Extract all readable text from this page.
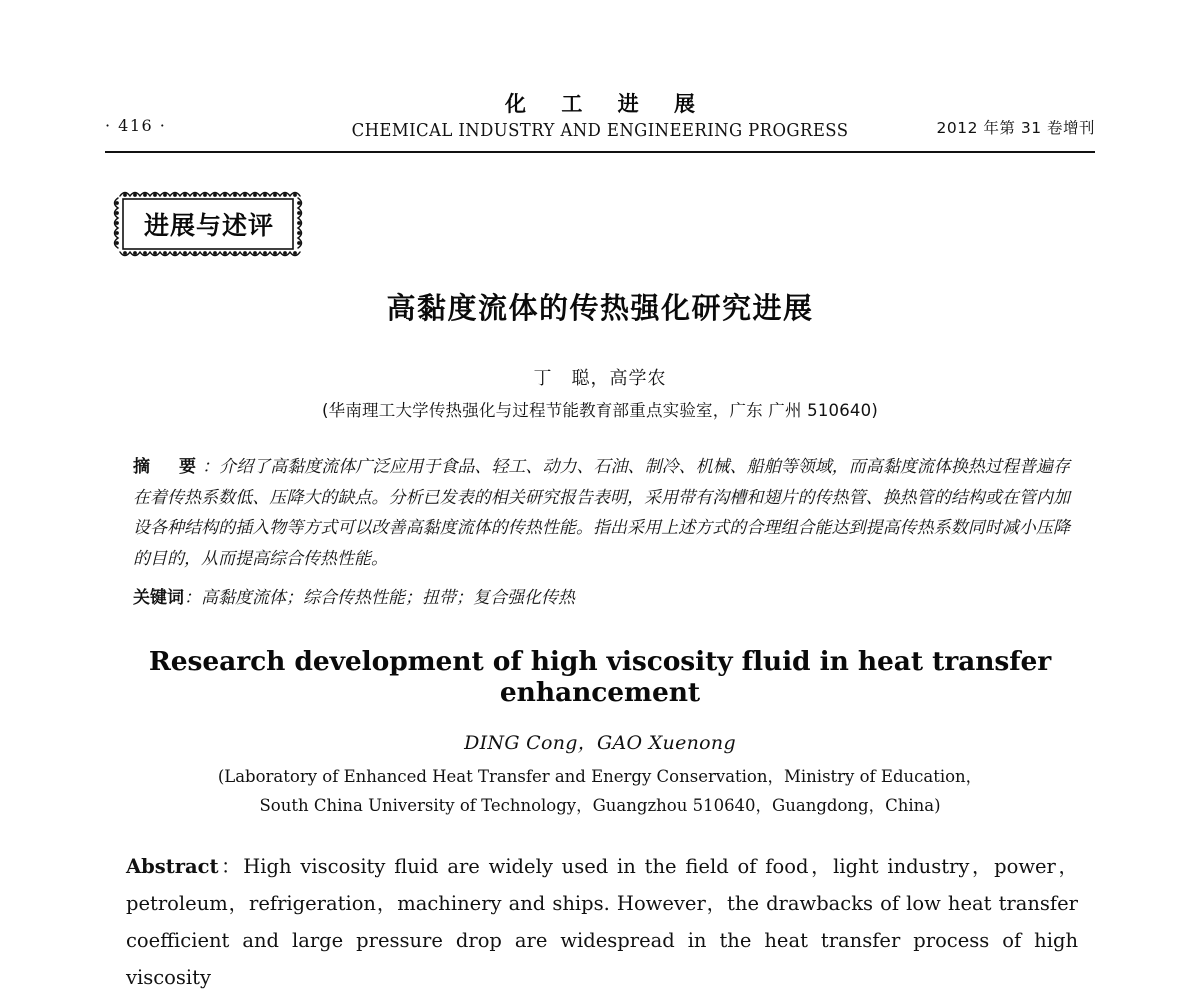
· 416 ·
化 工 进 展
CHEMICAL INDUSTRY AND ENGINEERING PROGRESS	2012 年第 31 卷增刊
进展与述评
高黏度流体的传热强化研究进展
丁　聪，高学农
(华南理工大学传热强化与过程节能教育部重点实验室，广东 广州 510640)
摘　要：介绍了高黏度流体广泛应用于食品、轻工、动力、石油、制冷、机械、船舶等领域，而高黏度流体换热过程普遍存在着传热系数低、压降大的缺点。分析已发表的相关研究报告表明，采用带有沟槽和翅片的传热管、换热管的结构或在管内加设各种结构的插入物等方式可以改善高黏度流体的传热性能。指出采用上述方式的合理组合能达到提高传热系数同时减小压降的目的，从而提高综合传热性能。
关键词：高黏度流体；综合传热性能；扭带；复合强化传热
Research development of high viscosity fluid in heat transfer enhancement
DING Cong，GAO Xuenong
(Laboratory of Enhanced Heat Transfer and Energy Conservation，Ministry of Education，
South China University of Technology，Guangzhou 510640，Guangdong，China)

Abstract：High viscosity fluid are widely used in the field of food，light industry，power，petroleum，refrigeration，machinery and ships. However，the drawbacks of low heat transfer coefficient and large pressure drop are widespread in the heat transfer process of high viscosity
